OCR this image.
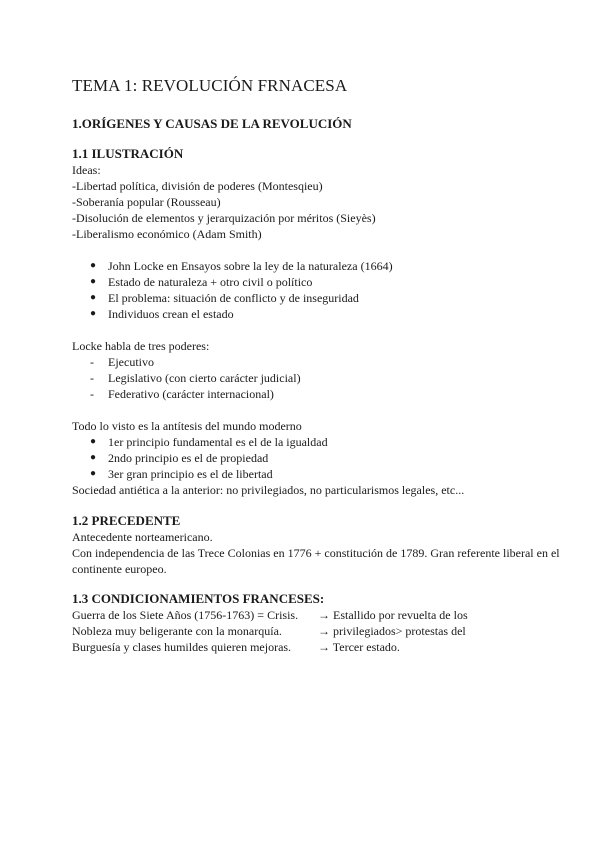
TEMA 1: REVOLUCIÓN FRNACESA
1.ORÍGENES Y CAUSAS DE LA REVOLUCIÓN
1.1 ILUSTRACIÓN
Ideas:
-Libertad política, división de poderes (Montesqieu)
-Soberanía popular (Rousseau)
-Disolución de elementos y jerarquización por méritos (Sieyès)
-Liberalismo económico (Adam Smith)
● John Locke en Ensayos sobre la ley de la naturaleza (1664)
● Estado de naturaleza + otro civil o político
● El problema: situación de conflicto y de inseguridad
● Individuos crean el estado
Locke habla de tres poderes:
- Ejecutivo
- Legislativo (con cierto carácter judicial)
- Federativo (carácter internacional)
Todo lo visto es la antítesis del mundo moderno
● 1er principio fundamental es el de la igualdad
● 2ndo principio es el de propiedad
● 3er gran principio es el de libertad
Sociedad antiética a la anterior: no privilegiados, no particularismos legales, etc...
1.2 PRECEDENTE
Antecedente norteamericano.
Con independencia de las Trece Colonias en 1776 + constitución de 1789. Gran referente liberal en el continente europeo.
1.3 CONDICIONAMIENTOS FRANCESES:
Guerra de los Siete Años (1756-1763) = Crisis.	→ Estallido por revuelta de los
Nobleza muy beligerante con la monarquía.	→ privilegiados> protestas del
Burguesía y clases humildes quieren mejoras.	→ Tercer estado.
